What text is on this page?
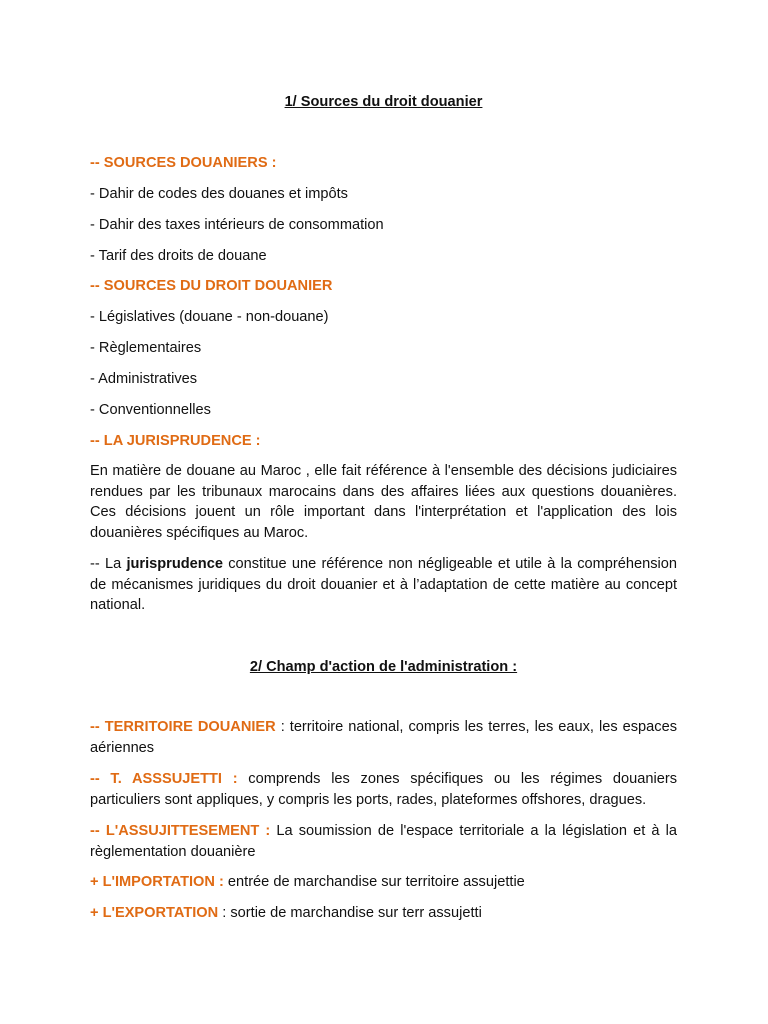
1/ Sources du droit douanier
-- SOURCES DOUANIERS :
- Dahir de codes des douanes et impôts
- Dahir des taxes intérieurs de consommation
- Tarif des droits de douane
-- SOURCES DU DROIT DOUANIER
- Législatives (douane - non-douane)
- Règlementaires
- Administratives
- Conventionnelles
-- LA JURISPRUDENCE :
En matière de douane au Maroc , elle fait référence à l'ensemble des décisions judiciaires rendues par les tribunaux marocains dans des affaires liées aux questions douanières. Ces décisions jouent un rôle important dans l'interprétation et l'application des lois douanières spécifiques au Maroc.
-- La jurisprudence constitue une référence non négligeable et utile à la compréhension de mécanismes juridiques du droit douanier et à l’adaptation de cette matière au concept national.
2/ Champ d'action de l'administration :
-- TERRITOIRE DOUANIER : territoire national, compris les terres, les eaux, les espaces aériennes
-- T. ASSSUJETTI : comprends les zones spécifiques ou les régimes douaniers particuliers sont appliques, y compris les ports, rades, plateformes offshores, dragues.
-- L'ASSUJITTESEMENT : La soumission de l'espace territoriale a la législation et à la règlementation douanière
+ L'IMPORTATION : entrée de marchandise sur territoire assujettie
+ L'EXPORTATION : sortie de marchandise sur terr assujetti
